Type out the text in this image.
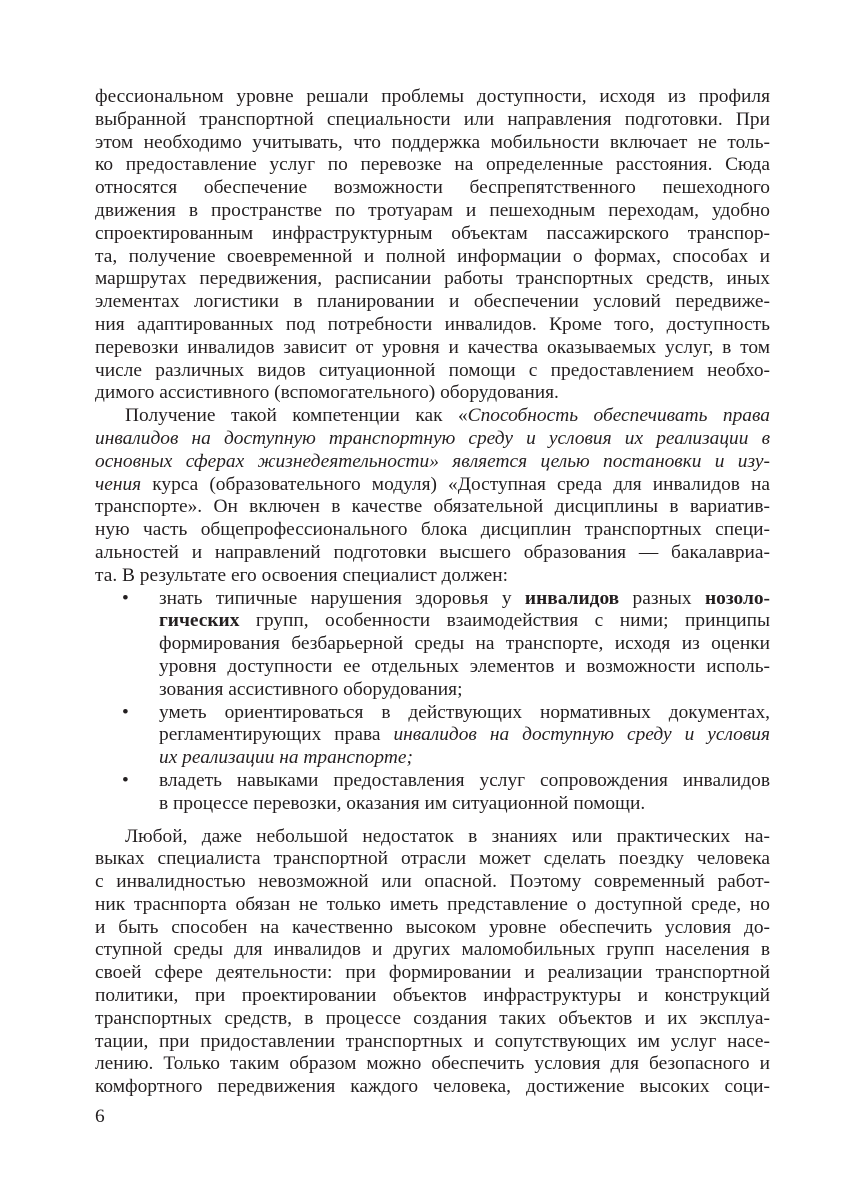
фессиональном уровне решали проблемы доступности, исходя из профиля
выбранной транспортной специальности или направления подготовки. При
этом необходимо учитывать, что поддержка мобильности включает не толь-
ко предоставление услуг по перевозке на определенные расстояния. Сюда
относятся обеспечение возможности беспрепятственного пешеходного
движения в пространстве по тротуарам и пешеходным переходам, удобно
спроектированным инфраструктурным объектам пассажирского транспор-
та, получение своевременной и полной информации о формах, способах и
маршрутах передвижения, расписании работы транспортных средств, иных
элементах логистики в планировании и обеспечении условий передвиже-
ния адаптированных под потребности инвалидов. Кроме того, доступность
перевозки инвалидов зависит от уровня и качества оказываемых услуг, в том
числе различных видов ситуационной помощи с предоставлением необхо-
димого ассистивного (вспомогательного) оборудования.
Получение такой компетенции как «Способность обеспечивать права
инвалидов на доступную транспортную среду и условия их реализации в
основных сферах жизнедеятельности» является целью постановки и изу-
чения курса (образовательного модуля) «Доступная среда для инвалидов на
транспорте». Он включен в качестве обязательной дисциплины в вариатив-
ную часть общепрофессионального блока дисциплин транспортных специ-
альностей и направлений подготовки высшего образования — бакалавриа-
та. В результате его освоения специалист должен:
• знать типичные нарушения здоровья у инвалидов разных нозоло-
гических групп, особенности взаимодействия с ними; принципы
формирования безбарьерной среды на транспорте, исходя из оценки
уровня доступности ее отдельных элементов и возможности исполь-
зования ассистивного оборудования;
• уметь ориентироваться в действующих нормативных документах,
регламентирующих права инвалидов на доступную среду и условия
их реализации на транспорте;
• владеть навыками предоставления услуг сопровождения инвалидов
в процессе перевозки, оказания им ситуационной помощи.
Любой, даже небольшой недостаток в знаниях или практических на-
выках специалиста транспортной отрасли может сделать поездку человека
с инвалидностью невозможной или опасной. Поэтому современный работ-
ник траснпорта обязан не только иметь представление о доступной среде, но
и быть способен на качественно высоком уровне обеспечить условия до-
ступной среды для инвалидов и других маломобильных групп населения в
своей сфере деятельности: при формировании и реализации транспортной
политики, при проектировании объектов инфраструктуры и конструкций
транспортных средств, в процессе создания таких объектов и их эксплуа-
тации, при придоставлении транспортных и сопутствующих им услуг насе-
лению. Только таким образом можно обеспечить условия для безопасного и
комфортного передвижения каждого человека, достижение высоких соци-
6
